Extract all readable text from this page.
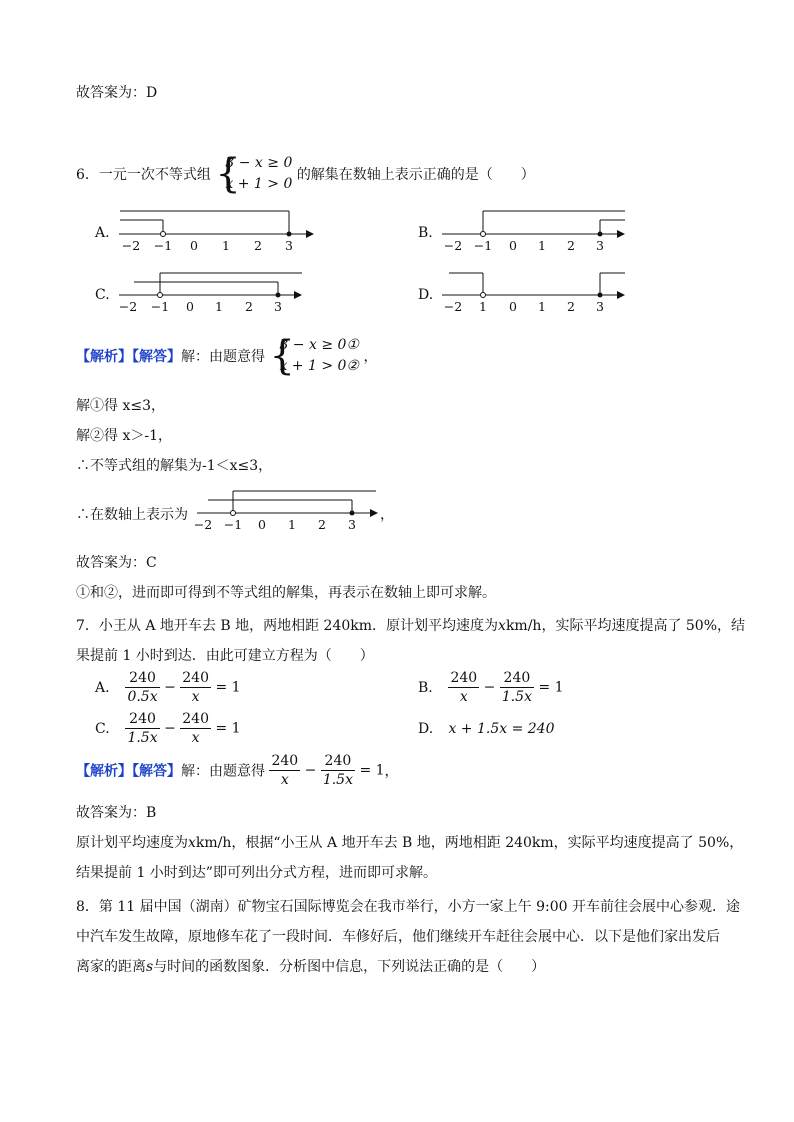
故答案为：D
6．一元一次不等式组 {
3 − x ≥ 0
x + 1 > 0
的解集在数轴上表示正确的是（　　）
A.
−2 −1 0 1 2 3
B.
−2 −1 0 1 2 3
C.
−2 −1 0 1 2 3
D.
−2 1 0 1 2 3
【解析】【解答】解：由题意得 {
3 − x ≥ 0①
x + 1 > 0②
，
解①得 x≤3，
解②得 x＞-1，
∴不等式组的解集为-1＜x≤3，
∴在数轴上表示为
−2 −1 0 1 2 3
，
故答案为：C
①和②，进而即可得到不等式组的解集，再表示在数轴上即可求解。
7．小王从 A 地开车去 B 地，两地相距 240km．原计划平均速度为xkm/h，实际平均速度提高了 50%，结
果提前 1 小时到达．由此可建立方程为（　　）
A. $\frac{240}{0.5x} - \frac{240}{x} = 1$	B. $\frac{240}{x} - \frac{240}{1.5x} = 1$
C. $\frac{240}{1.5x} - \frac{240}{x} = 1$	D. x + 1.5x = 240
【解析】【解答】解：由题意得 $\frac{240}{x} - \frac{240}{1.5x} = 1$，
故答案为：B
原计划平均速度为xkm/h，根据“小王从 A 地开车去 B 地，两地相距 240km，实际平均速度提高了 50%，
结果提前 1 小时到达”即可列出分式方程，进而即可求解。
8．第 11 届中国（湖南）矿物宝石国际博览会在我市举行，小方一家上午 9:00 开车前往会展中心参观．途
中汽车发生故障，原地修车花了一段时间．车修好后，他们继续开车赶往会展中心．以下是他们家出发后
离家的距离s与时间的函数图象．分析图中信息，下列说法正确的是（　　）
